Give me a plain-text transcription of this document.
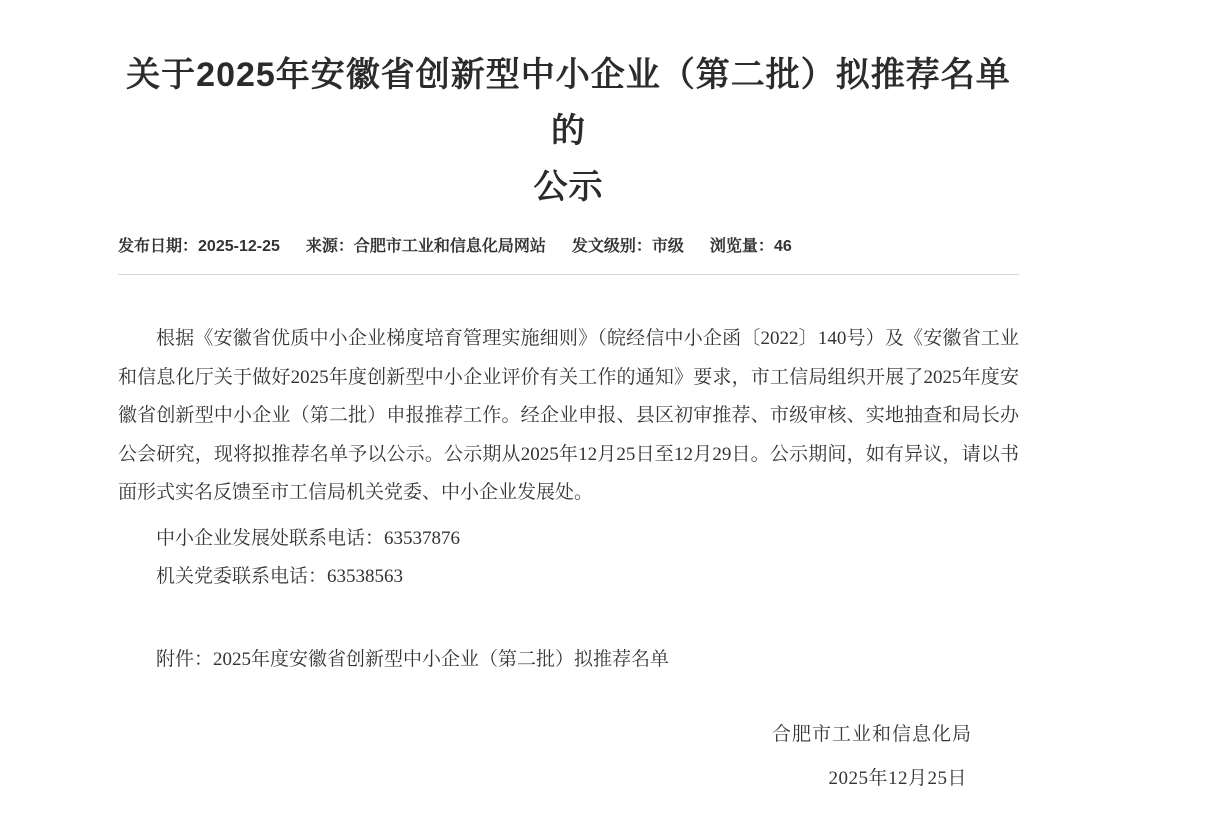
关于2025年安徽省创新型中小企业（第二批）拟推荐名单的
公示
发布日期：2025-12-25 来源：合肥市工业和信息化局网站 发文级别：市级 浏览量：46

根据《安徽省优质中小企业梯度培育管理实施细则》（皖经信中小企函〔2022〕140号）及《安徽省工业和信息化厅关于做好2025年度创新型中小企业评价有关工作的通知》要求，市工信局组织开展了2025年度安徽省创新型中小企业（第二批）申报推荐工作。经企业申报、县区初审推荐、市级审核、实地抽查和局长办公会研究，现将拟推荐名单予以公示。公示期从2025年12月25日至12月29日。公示期间，如有异议，请以书面形式实名反馈至市工信局机关党委、中小企业发展处。

中小企业发展处联系电话：63537876

机关党委联系电话：63538563

附件：2025年度安徽省创新型中小企业（第二批）拟推荐名单

合肥市工业和信息化局
2025年12月25日
